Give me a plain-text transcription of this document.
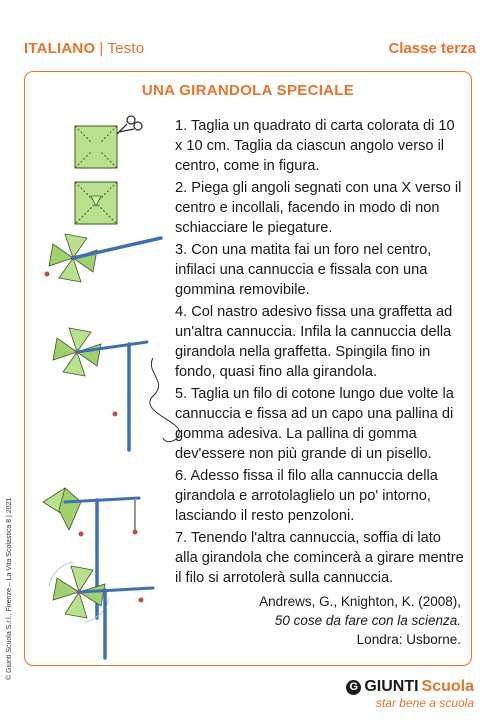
ITALIANO | Testo	Classe terza
UNA GIRANDOLA SPECIALE
1. Taglia un quadrato di carta colorata di 10 x 10 cm. Taglia da ciascun angolo verso il centro, come in figura.
2. Piega gli angoli segnati con una X verso il centro e incollali, facendo in modo di non schiacciare le piegature.
3. Con una matita fai un foro nel centro, infilaci una cannuccia e fissala con una gommina removibile.
4. Col nastro adesivo fissa una graffetta ad un'altra cannuccia. Infila la cannuccia della girandola nella graffetta. Spingila fino in fondo, quasi fino alla girandola.
5. Taglia un filo di cotone lungo due volte la cannuccia e fissa ad un capo una pallina di gomma adesiva. La pallina di gomma dev'essere non più grande di un pisello.
6. Adesso fissa il filo alla cannuccia della girandola e arrotolaglielo un po' intorno, lasciando il resto penzoloni.
7. Tenendo l'altra cannuccia, soffia di lato alla girandola che comincerà a girare mentre il filo si arrotolerà sulla cannuccia.
Andrews, G., Knighton, K. (2008),
50 cose da fare con la scienza.
Londra: Usborne.
© Giunti Scuola S.r.l., Firenze – La Vita Scolastica 8 | 2021
G GIUNTI Scuola
star bene a scuola
